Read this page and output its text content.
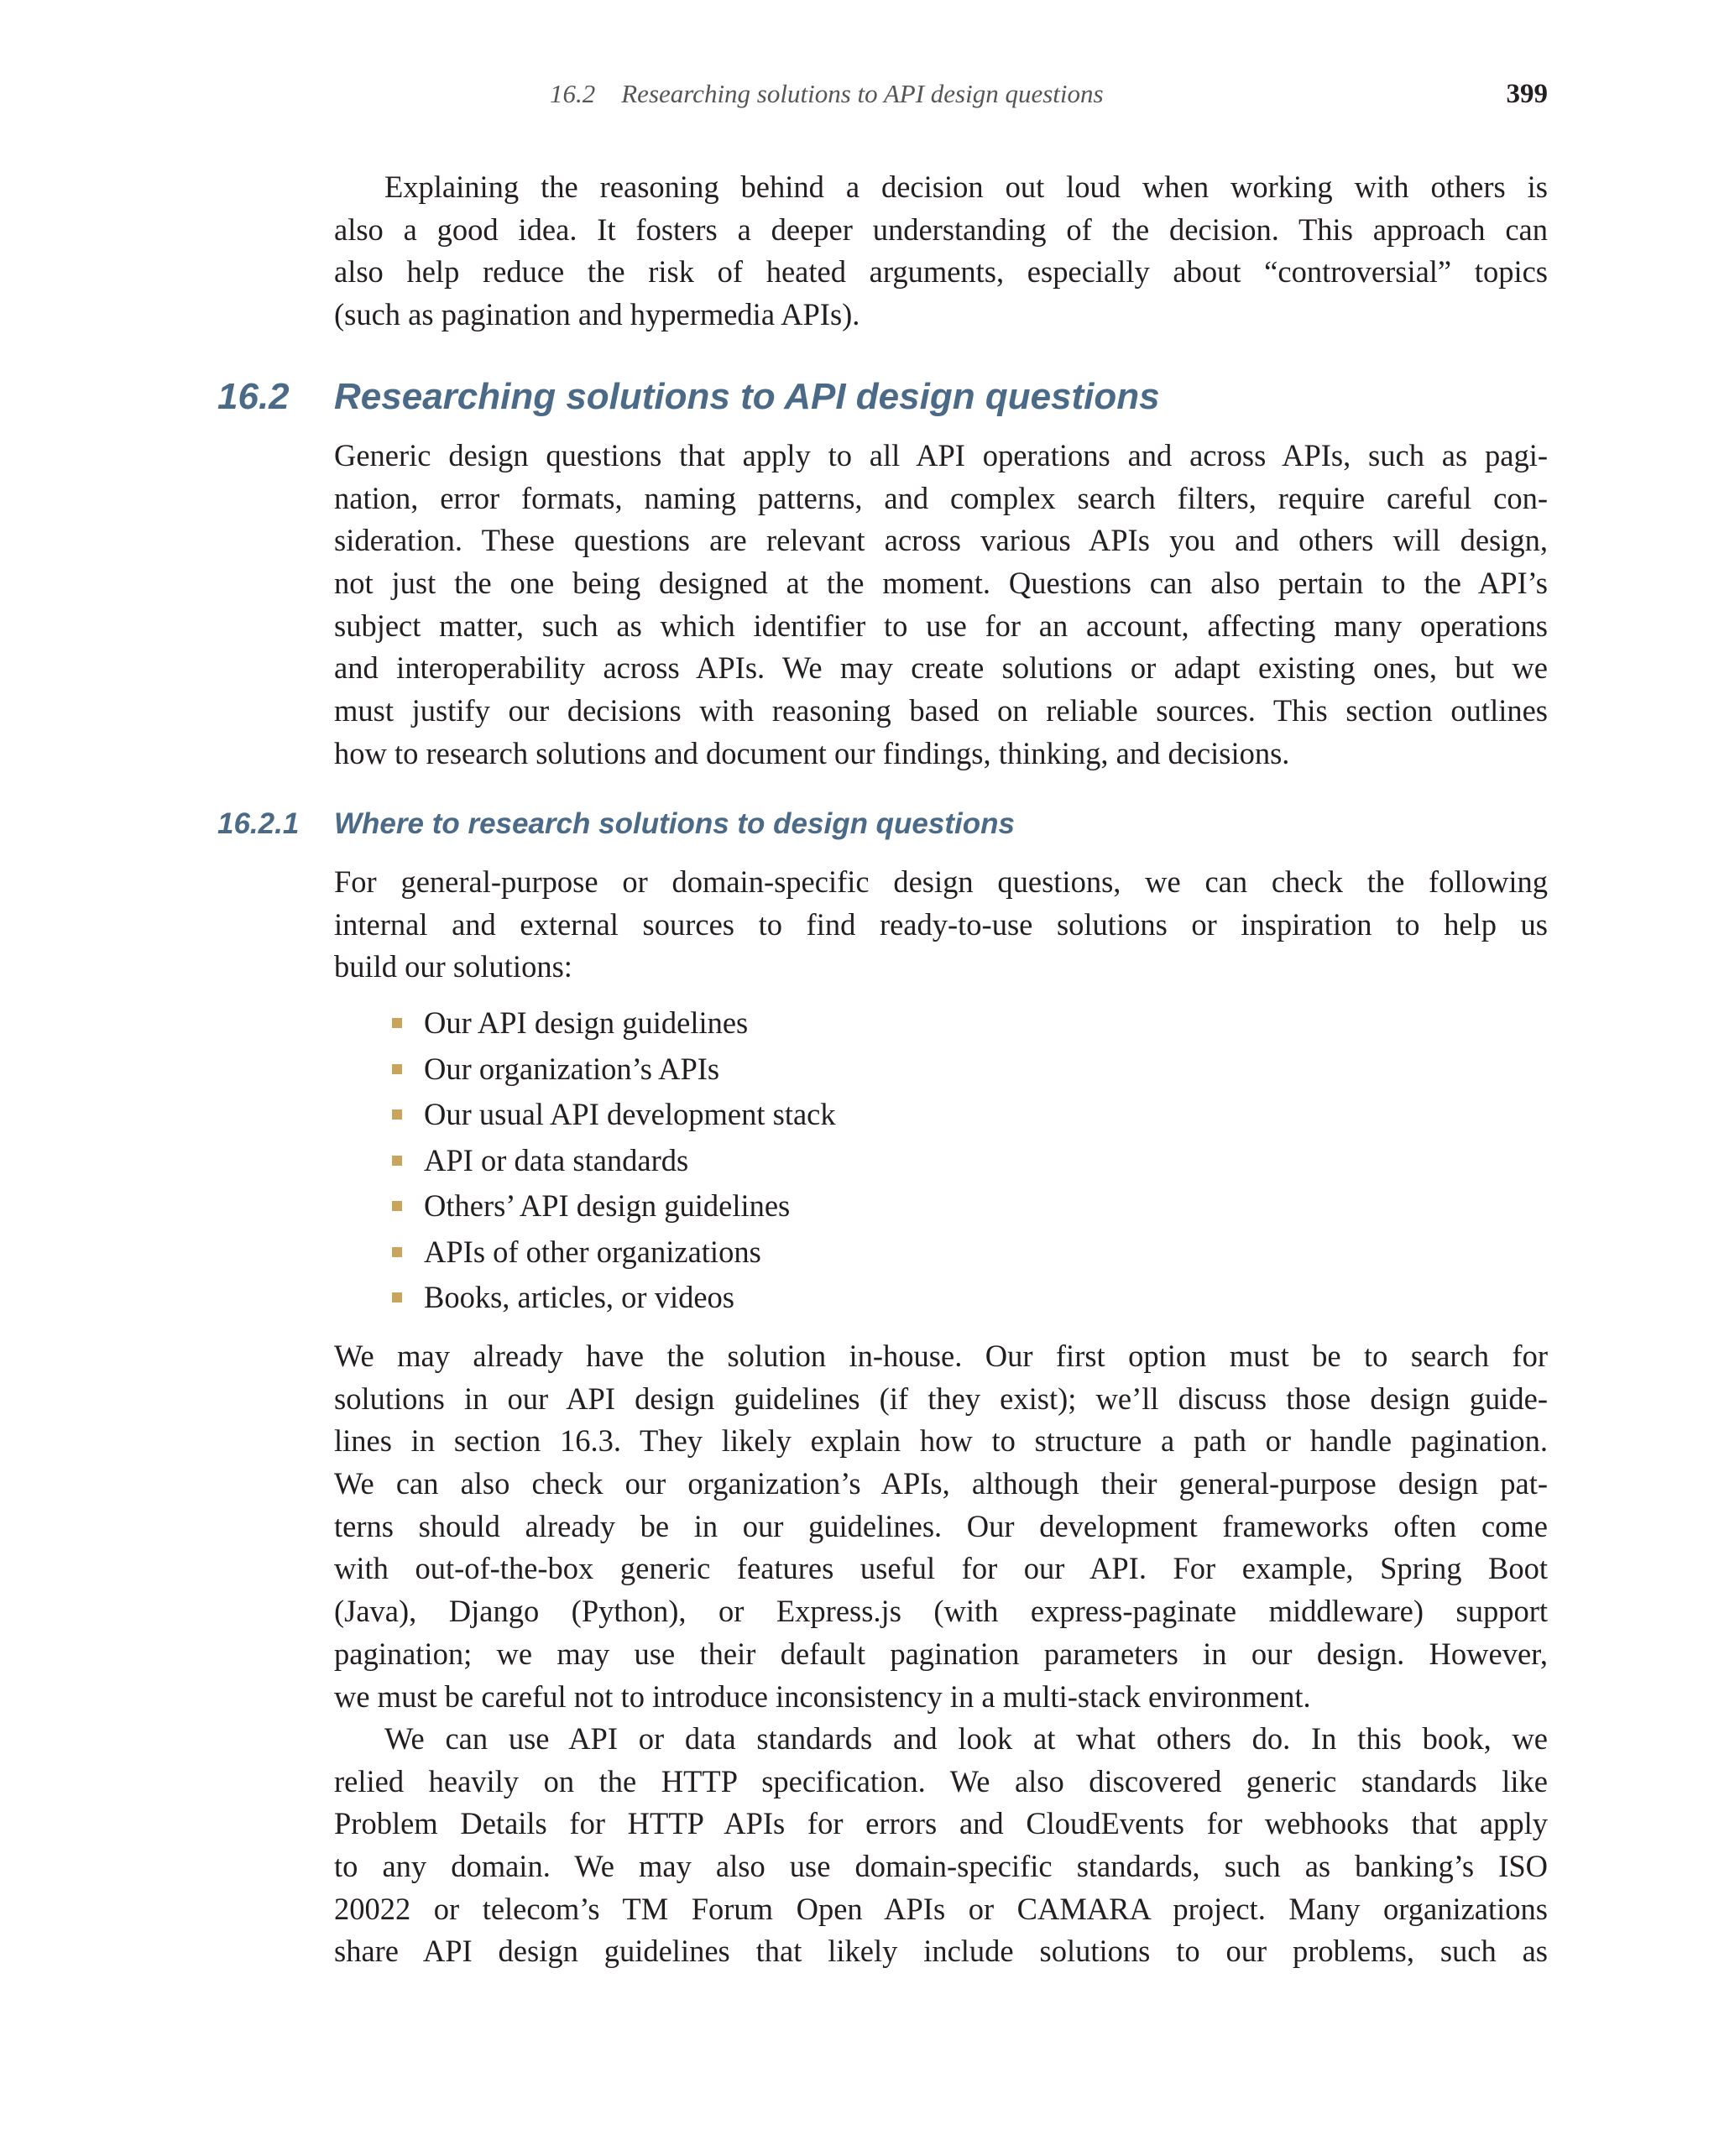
16.2    Researching solutions to API design questions	399
Explaining the reasoning behind a decision out loud when working with others is
also a good idea. It fosters a deeper understanding of the decision. This approach can
also help reduce the risk of heated arguments, especially about “controversial” topics
(such as pagination and hypermedia APIs).
16.2 Researching solutions to API design questions
Generic design questions that apply to all API operations and across APIs, such as pagi-
nation, error formats, naming patterns, and complex search filters, require careful con-
sideration. These questions are relevant across various APIs you and others will design,
not just the one being designed at the moment. Questions can also pertain to the API’s
subject matter, such as which identifier to use for an account, affecting many operations
and interoperability across APIs. We may create solutions or adapt existing ones, but we
must justify our decisions with reasoning based on reliable sources. This section outlines
how to research solutions and document our findings, thinking, and decisions.
16.2.1 Where to research solutions to design questions
For general-purpose or domain-specific design questions, we can check the following
internal and external sources to find ready-to-use solutions or inspiration to help us
build our solutions:
Our API design guidelines
Our organization’s APIs
Our usual API development stack
API or data standards
Others’ API design guidelines
APIs of other organizations
Books, articles, or videos
We may already have the solution in-house. Our first option must be to search for
solutions in our API design guidelines (if they exist); we’ll discuss those design guide-
lines in section 16.3. They likely explain how to structure a path or handle pagination.
We can also check our organization’s APIs, although their general-purpose design pat-
terns should already be in our guidelines. Our development frameworks often come
with out-of-the-box generic features useful for our API. For example, Spring Boot
(Java), Django (Python), or Express.js (with express-paginate middleware) support
pagination; we may use their default pagination parameters in our design. However,
we must be careful not to introduce inconsistency in a multi-stack environment.
We can use API or data standards and look at what others do. In this book, we
relied heavily on the HTTP specification. We also discovered generic standards like
Problem Details for HTTP APIs for errors and CloudEvents for webhooks that apply
to any domain. We may also use domain-specific standards, such as banking’s ISO
20022 or telecom’s TM Forum Open APIs or CAMARA project. Many organizations
share API design guidelines that likely include solutions to our problems, such as
